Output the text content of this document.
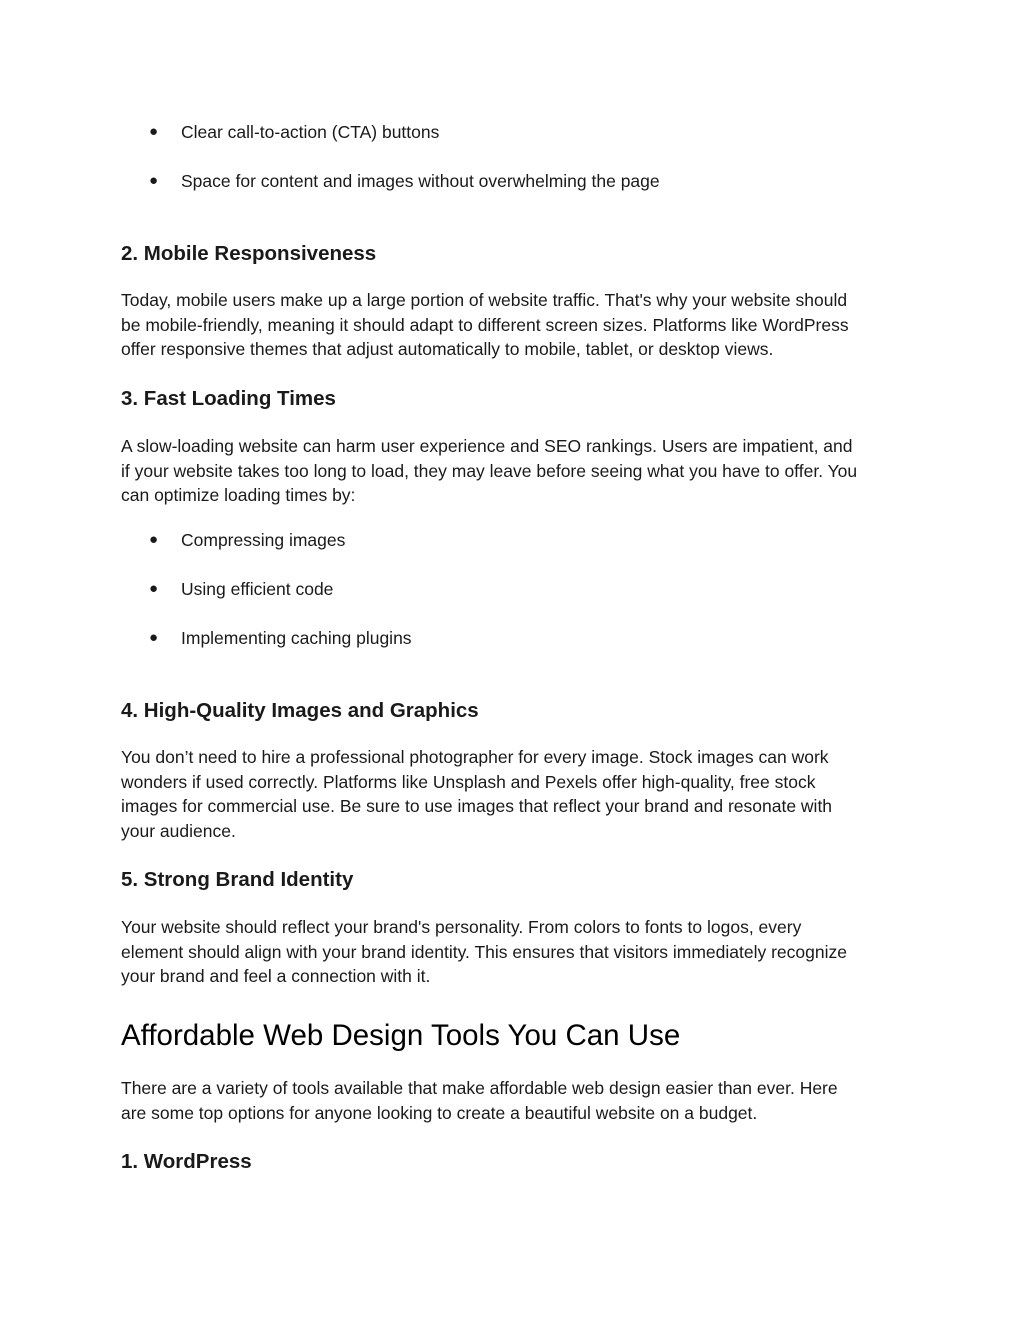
● Clear call-to-action (CTA) buttons
● Space for content and images without overwhelming the page
2. Mobile Responsiveness
Today, mobile users make up a large portion of website traffic. That's why your website should
be mobile-friendly, meaning it should adapt to different screen sizes. Platforms like WordPress
offer responsive themes that adjust automatically to mobile, tablet, or desktop views.
3. Fast Loading Times
A slow-loading website can harm user experience and SEO rankings. Users are impatient, and
if your website takes too long to load, they may leave before seeing what you have to offer. You
can optimize loading times by:
● Compressing images
● Using efficient code
● Implementing caching plugins
4. High-Quality Images and Graphics
You don’t need to hire a professional photographer for every image. Stock images can work
wonders if used correctly. Platforms like Unsplash and Pexels offer high-quality, free stock
images for commercial use. Be sure to use images that reflect your brand and resonate with
your audience.
5. Strong Brand Identity
Your website should reflect your brand's personality. From colors to fonts to logos, every
element should align with your brand identity. This ensures that visitors immediately recognize
your brand and feel a connection with it.
Affordable Web Design Tools You Can Use
There are a variety of tools available that make affordable web design easier than ever. Here
are some top options for anyone looking to create a beautiful website on a budget.
1. WordPress
